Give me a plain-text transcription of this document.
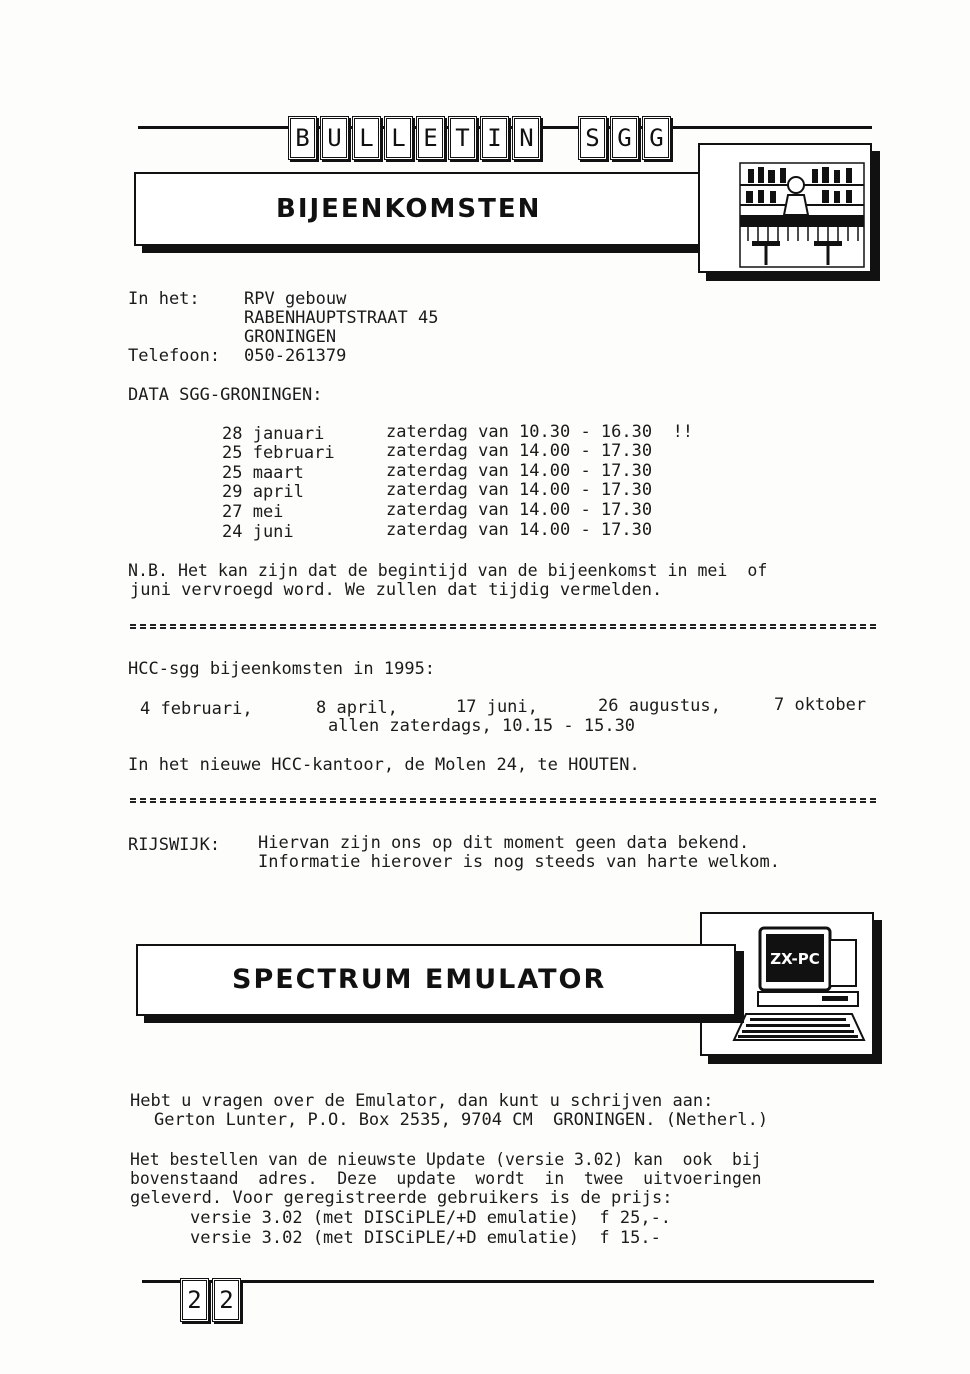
B U L L E T I N	S G G
BIJEENKOMSTEN
In het:	RPV gebouw
RABENHAUPTSTRAAT 45
GRONINGEN
Telefoon: 050-261379
DATA SGG-GRONINGEN:
28 januari	zaterdag van 10.30 - 16.30  !!
25 februari	zaterdag van 14.00 - 17.30
25 maart	zaterdag van 14.00 - 17.30
29 april	zaterdag van 14.00 - 17.30
27 mei	zaterdag van 14.00 - 17.30
24 juni	zaterdag van 14.00 - 17.30
N.B. Het kan zijn dat de begintijd van de bijeenkomst in mei  of
juni vervroegd word. We zullen dat tijdig vermelden.
HCC-sgg bijeenkomsten in 1995:
4 februari,	8 april,	17 juni,	26 augustus,	7 oktober
allen zaterdags, 10.15 - 15.30
In het nieuwe HCC-kantoor, de Molen 24, te HOUTEN.
RIJSWIJK: Hiervan zijn ons op dit moment geen data bekend.
Informatie hierover is nog steeds van harte welkom.
ZX-PC
SPECTRUM EMULATOR
Hebt u vragen over de Emulator, dan kunt u schrijven aan:
Gerton Lunter, P.O. Box 2535, 9704 CM  GRONINGEN. (Netherl.)
Het bestellen van de nieuwste Update (versie 3.02) kan  ook  bij
bovenstaand  adres.  Deze  update  wordt  in  twee  uitvoeringen
geleverd. Voor geregistreerde gebruikers is de prijs:
versie 3.02 (met DISCiPLE/+D emulatie)  f 25,-.
versie 3.02 (met DISCiPLE/+D emulatie)  f 15.-
2 2
